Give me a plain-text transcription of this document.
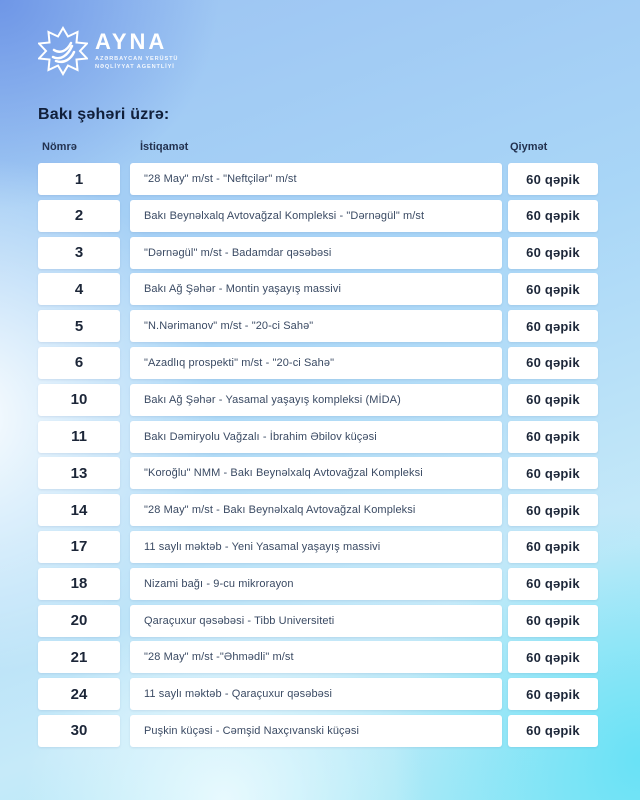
AYNA
AZƏRBAYCAN YERÜSTÜ
NƏQLİYYAT AGENTLİYİ
Bakı şəhəri üzrə:
Nömrə	İstiqamət	Qiymət
1	"28 May" m/st - "Neftçilər" m/st	60 qəpik
2	Bakı Beynəlxalq Avtovağzal Kompleksi - "Dərnəgül" m/st	60 qəpik
3	"Dərnəgül" m/st - Badamdar qəsəbəsi	60 qəpik
4	Bakı Ağ Şəhər - Montin yaşayış massivi	60 qəpik
5	"N.Nərimanov" m/st - "20-ci Sahə"	60 qəpik
6	"Azadlıq prospekti" m/st - "20-ci Sahə"	60 qəpik
10	Bakı Ağ Şəhər - Yasamal yaşayış kompleksi (MİDA)	60 qəpik
11	Bakı Dəmiryolu Vağzalı - İbrahim Əbilov küçəsi	60 qəpik
13	"Koroğlu" NMM - Bakı Beynəlxalq Avtovağzal Kompleksi	60 qəpik
14	"28 May" m/st - Bakı Beynəlxalq Avtovağzal Kompleksi	60 qəpik
17	11 saylı məktəb - Yeni Yasamal yaşayış massivi	60 qəpik
18	Nizami bağı - 9-cu mikrorayon	60 qəpik
20	Qaraçuxur qəsəbəsi - Tibb Universiteti	60 qəpik
21	"28 May" m/st -"Əhmədli" m/st	60 qəpik
24	11 saylı məktəb - Qaraçuxur qəsəbəsi	60 qəpik
30	Puşkin küçəsi - Cəmşid Naxçıvanski küçəsi	60 qəpik
